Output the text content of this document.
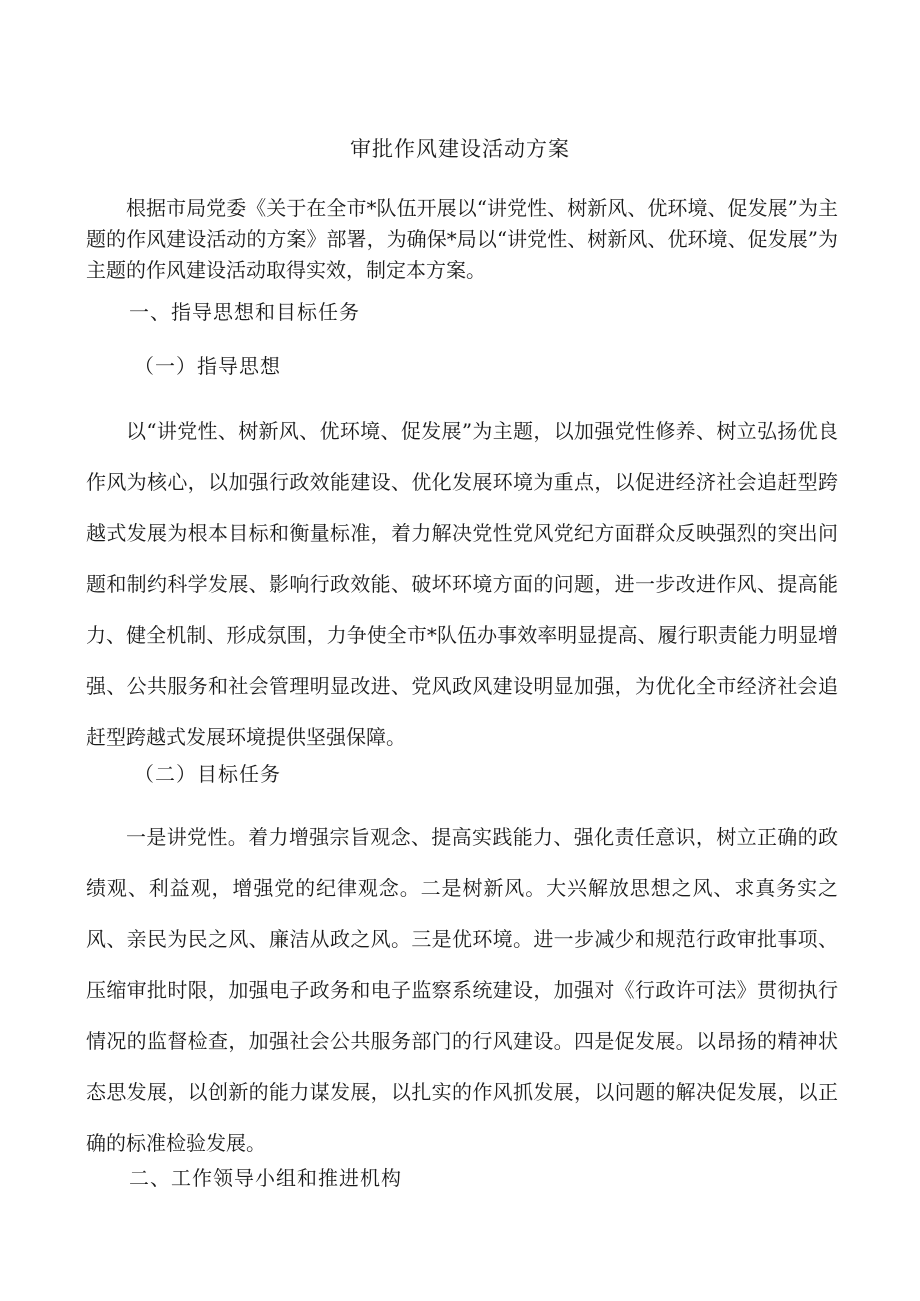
审批作风建设活动方案

根据市局党委《关于在全市*队伍开展以“讲党性、树新风、优环境、促发展”为主题的作风建设活动的方案》部署，为确保*局以“讲党性、树新风、优环境、促发展”为主题的作风建设活动取得实效，制定本方案。

一、指导思想和目标任务
（一）指导思想

以“讲党性、树新风、优环境、促发展”为主题，以加强党性修养、树立弘扬优良作风为核心，以加强行政效能建设、优化发展环境为重点，以促进经济社会追赶型跨越式发展为根本目标和衡量标准，着力解决党性党风党纪方面群众反映强烈的突出问题和制约科学发展、影响行政效能、破坏环境方面的问题，进一步改进作风、提高能力、健全机制、形成氛围，力争使全市*队伍办事效率明显提高、履行职责能力明显增强、公共服务和社会管理明显改进、党风政风建设明显加强，为优化全市经济社会追赶型跨越式发展环境提供坚强保障。

（二）目标任务

一是讲党性。着力增强宗旨观念、提高实践能力、强化责任意识，树立正确的政绩观、利益观，增强党的纪律观念。二是树新风。大兴解放思想之风、求真务实之风、亲民为民之风、廉洁从政之风。三是优环境。进一步减少和规范行政审批事项、压缩审批时限，加强电子政务和电子监察系统建设，加强对《行政许可法》贯彻执行情况的监督检查，加强社会公共服务部门的行风建设。四是促发展。以昂扬的精神状态思发展，以创新的能力谋发展，以扎实的作风抓发展，以问题的解决促发展，以正确的标准检验发展。

二、工作领导小组和推进机构
